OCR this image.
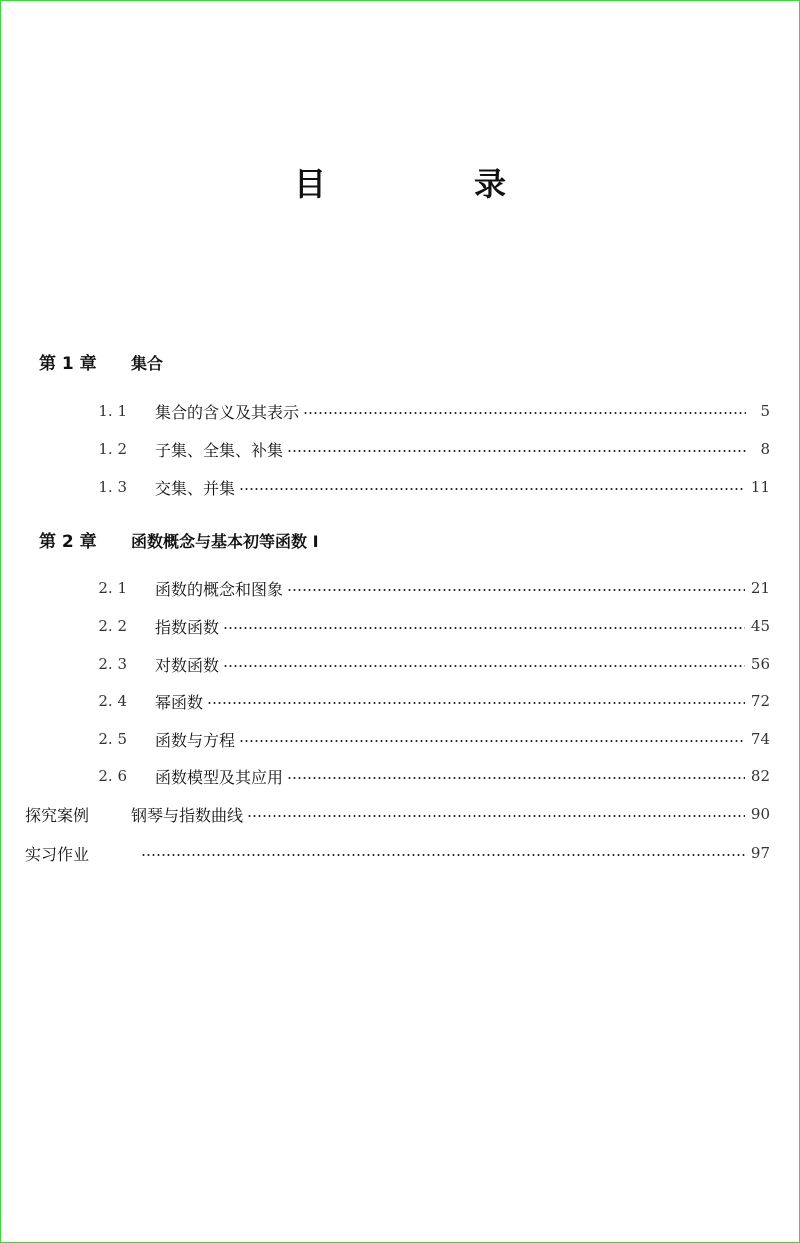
目　录
第 1 章	集合
1. 1 集合的含义及其表示	5
1. 2 子集、全集、补集	8
1. 3 交集、并集	11
第 2 章	函数概念与基本初等函数 I
2. 1 函数的概念和图象	21
2. 2 指数函数	45
2. 3 对数函数	56
2. 4 幂函数	72
2. 5 函数与方程	74
2. 6 函数模型及其应用	82
探究案例	钢琴与指数曲线	90
实习作业	97
